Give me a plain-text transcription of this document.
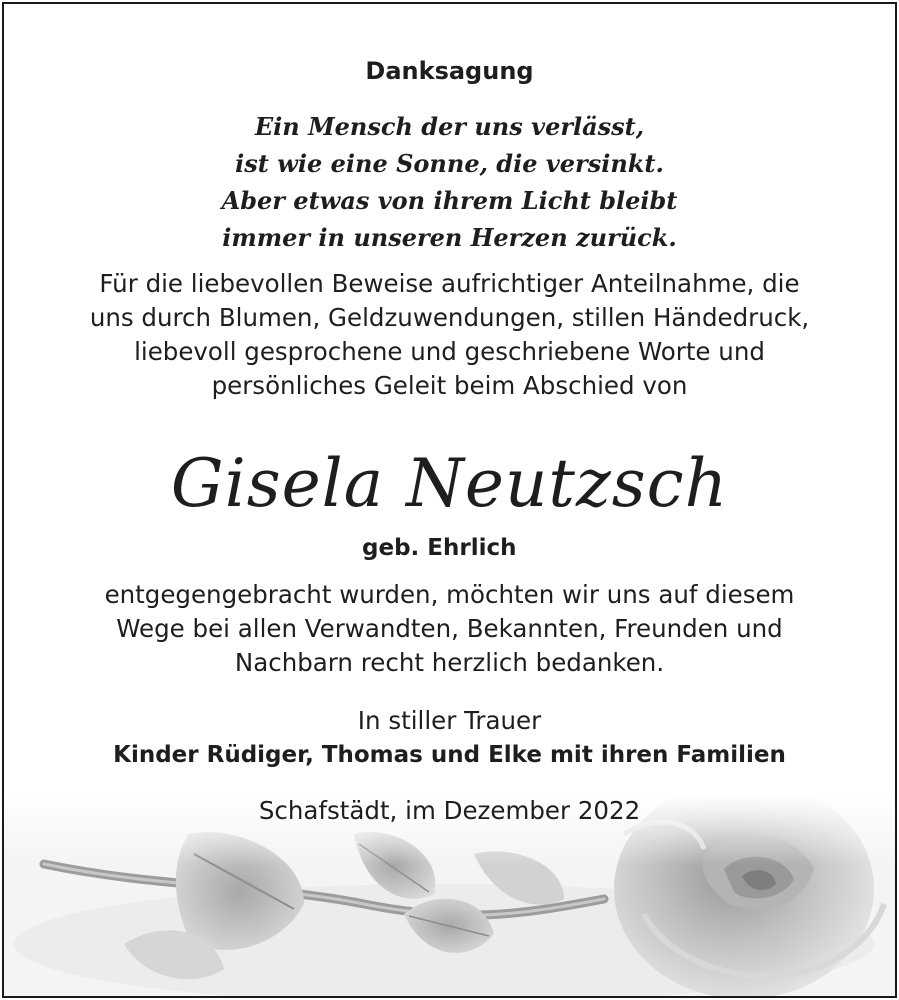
Danksagung
Ein Mensch der uns verlässt,
ist wie eine Sonne, die versinkt.
Aber etwas von ihrem Licht bleibt
immer in unseren Herzen zurück.
Für die liebevollen Beweise aufrichtiger Anteilnahme, die
uns durch Blumen, Geldzuwendungen, stillen Händedruck,
liebevoll gesprochene und geschriebene Worte und
persönliches Geleit beim Abschied von
Gisela Neutzsch
geb. Ehrlich
entgegengebracht wurden, möchten wir uns auf diesem
Wege bei allen Verwandten, Bekannten, Freunden und
Nachbarn recht herzlich bedanken.
In stiller Trauer
Kinder Rüdiger, Thomas und Elke mit ihren Familien
Schafstädt, im Dezember 2022
